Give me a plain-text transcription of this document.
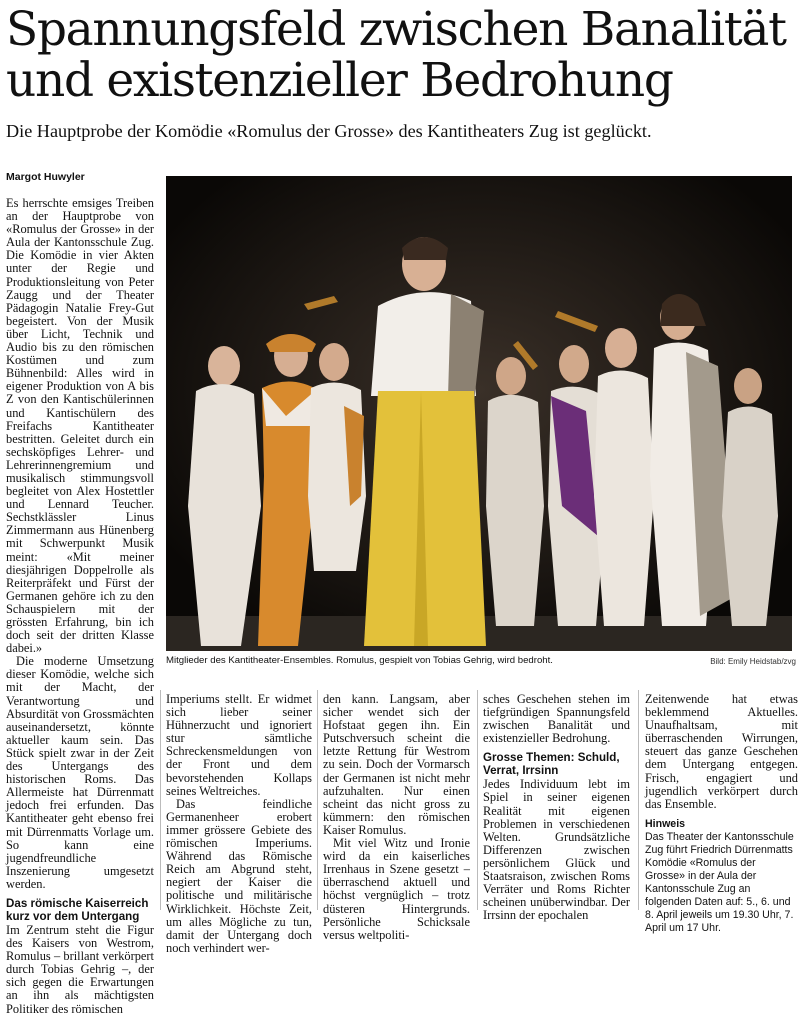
Spannungsfeld zwischen Banalität und existenzieller Bedrohung

Die Hauptprobe der Komödie «Romulus der Grosse» des Kantitheaters Zug ist geglückt.

Margot Huwyler

Es herrschte emsiges Treiben an der Hauptprobe von «Romulus der Grosse» in der Aula der Kantonsschule Zug. Die Komödie in vier Akten unter der Regie und Produktionsleitung von Peter Zaugg und der Theater Pädagogin Natalie Frey-Gut begeistert. Von der Musik über Licht, Technik und Audio bis zu den römischen Kostümen und zum Bühnenbild: Alles wird in eigener Produktion von A bis Z von den Kantischülerinnen und Kantischülern des Freifachs Kantitheater bestritten. Geleitet durch ein sechsköpfiges Lehrer- und Lehrerinnengremium und musikalisch stimmungsvoll begleitet von Alex Hostettler und Lennard Teucher. Sechstklässler Linus Zimmermann aus Hünenberg mit Schwerpunkt Musik meint: «Mit meiner diesjährigen Doppelrolle als Reiterpräfekt und Fürst der Germanen gehöre ich zu den Schauspielern mit der grössten Erfahrung, bin ich doch seit der dritten Klasse dabei.»

Die moderne Umsetzung dieser Komödie, welche sich mit der Macht, der Verantwortung und Absurdität von Grossmächten auseinandersetzt, könnte aktueller kaum sein. Das Stück spielt zwar in der Zeit des Untergangs des historischen Roms. Das Allermeiste hat Dürrenmatt jedoch frei erfunden. Das Kantitheater geht ebenso frei mit Dürrenmatts Vorlage um. So kann eine jugendfreundliche Inszenierung umgesetzt werden.

Das römische Kaiserreich kurz vor dem Untergang

Im Zentrum steht die Figur des Kaisers von Westrom, Romulus – brillant verkörpert durch Tobias Gehrig –, der sich gegen die Erwartungen an ihn als mächtigsten Politiker des römischen

Mitglieder des Kantitheater-Ensembles. Romulus, gespielt von Tobias Gehrig, wird bedroht.	Bild: Emily Heidstab/zvg

Imperiums stellt. Er widmet sich lieber seiner Hühnerzucht und ignoriert stur sämtliche Schreckensmeldungen von der Front und dem bevorstehenden Kollaps seines Weltreiches.

Das feindliche Germanenheer erobert immer grössere Gebiete des römischen Imperiums. Während das Römische Reich am Abgrund steht, negiert der Kaiser die politische und militärische Wirklichkeit. Höchste Zeit, um alles Mögliche zu tun, damit der Untergang doch noch verhindert wer-

den kann. Langsam, aber sicher wendet sich der Hofstaat gegen ihn. Ein Putschversuch scheint die letzte Rettung für Westrom zu sein. Doch der Vormarsch der Germanen ist nicht mehr aufzuhalten. Nur einen scheint das nicht gross zu kümmern: den römischen Kaiser Romulus.

Mit viel Witz und Ironie wird da ein kaiserliches Irrenhaus in Szene gesetzt – überraschend aktuell und höchst vergnüglich – trotz düsteren Hintergrunds. Persönliche Schicksale versus weltpoliti-

sches Geschehen stehen im tiefgründigen Spannungsfeld zwischen Banalität und existenzieller Bedrohung.

Grosse Themen: Schuld, Verrat, Irrsinn

Jedes Individuum lebt im Spiel in seiner eigenen Realität mit eigenen Problemen in verschiedenen Welten. Grundsätzliche Differenzen zwischen persönlichem Glück und Staatsraison, zwischen Roms Verräter und Roms Richter scheinen unüberwindbar. Der Irrsinn der epochalen

Zeitenwende hat etwas beklemmend Aktuelles. Unaufhaltsam, mit überraschenden Wirrungen, steuert das ganze Geschehen dem Untergang entgegen. Frisch, engagiert und jugendlich verkörpert durch das Ensemble.

Hinweis
Das Theater der Kantonsschule Zug führt Friedrich Dürrenmatts Komödie «Romulus der Grosse» in der Aula der Kantonsschule Zug an folgenden Daten auf: 5., 6. und 8. April jeweils um 19.30 Uhr, 7. April um 17 Uhr.
